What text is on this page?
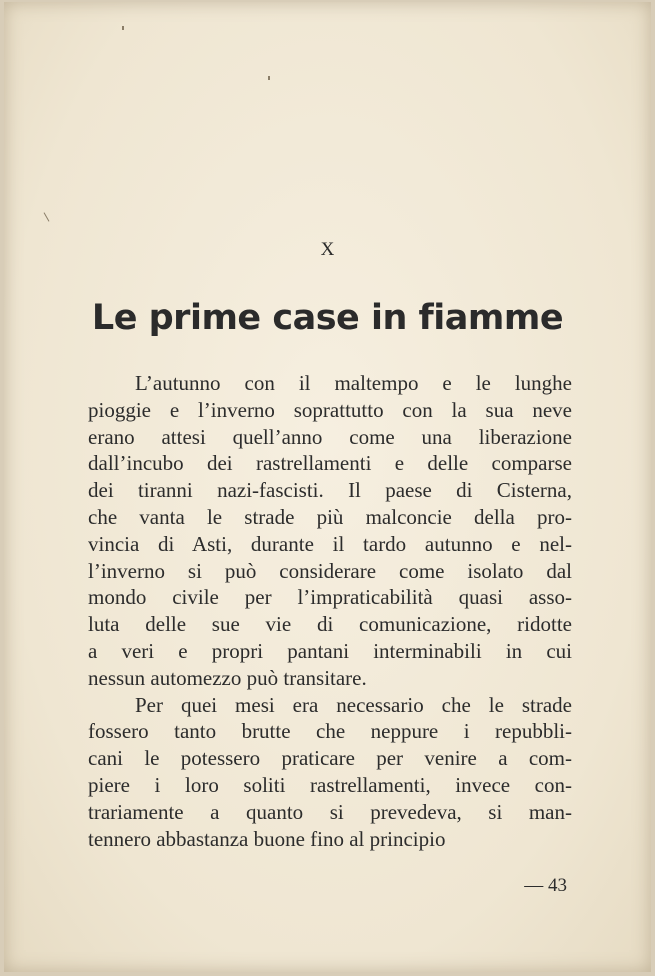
X
Le prime case in fiamme
L’autunno con il maltempo e le lunghe
pioggie e l’inverno soprattutto con la sua neve
erano attesi quell’anno come una liberazione
dall’incubo dei rastrellamenti e delle comparse
dei tiranni nazi-fascisti. Il paese di Cisterna,
che vanta le strade più malconcie della pro-
vincia di Asti, durante il tardo autunno e nel-
l’inverno si può considerare come isolato dal
mondo civile per l’impraticabilità quasi asso-
luta delle sue vie di comunicazione, ridotte
a veri e propri pantani interminabili in cui
nessun automezzo può transitare.
Per quei mesi era necessario che le strade
fossero tanto brutte che neppure i repubbli-
cani le potessero praticare per venire a com-
piere i loro soliti rastrellamenti, invece con-
trariamente a quanto si prevedeva, si man-
tennero abbastanza buone fino al principio
— 43
